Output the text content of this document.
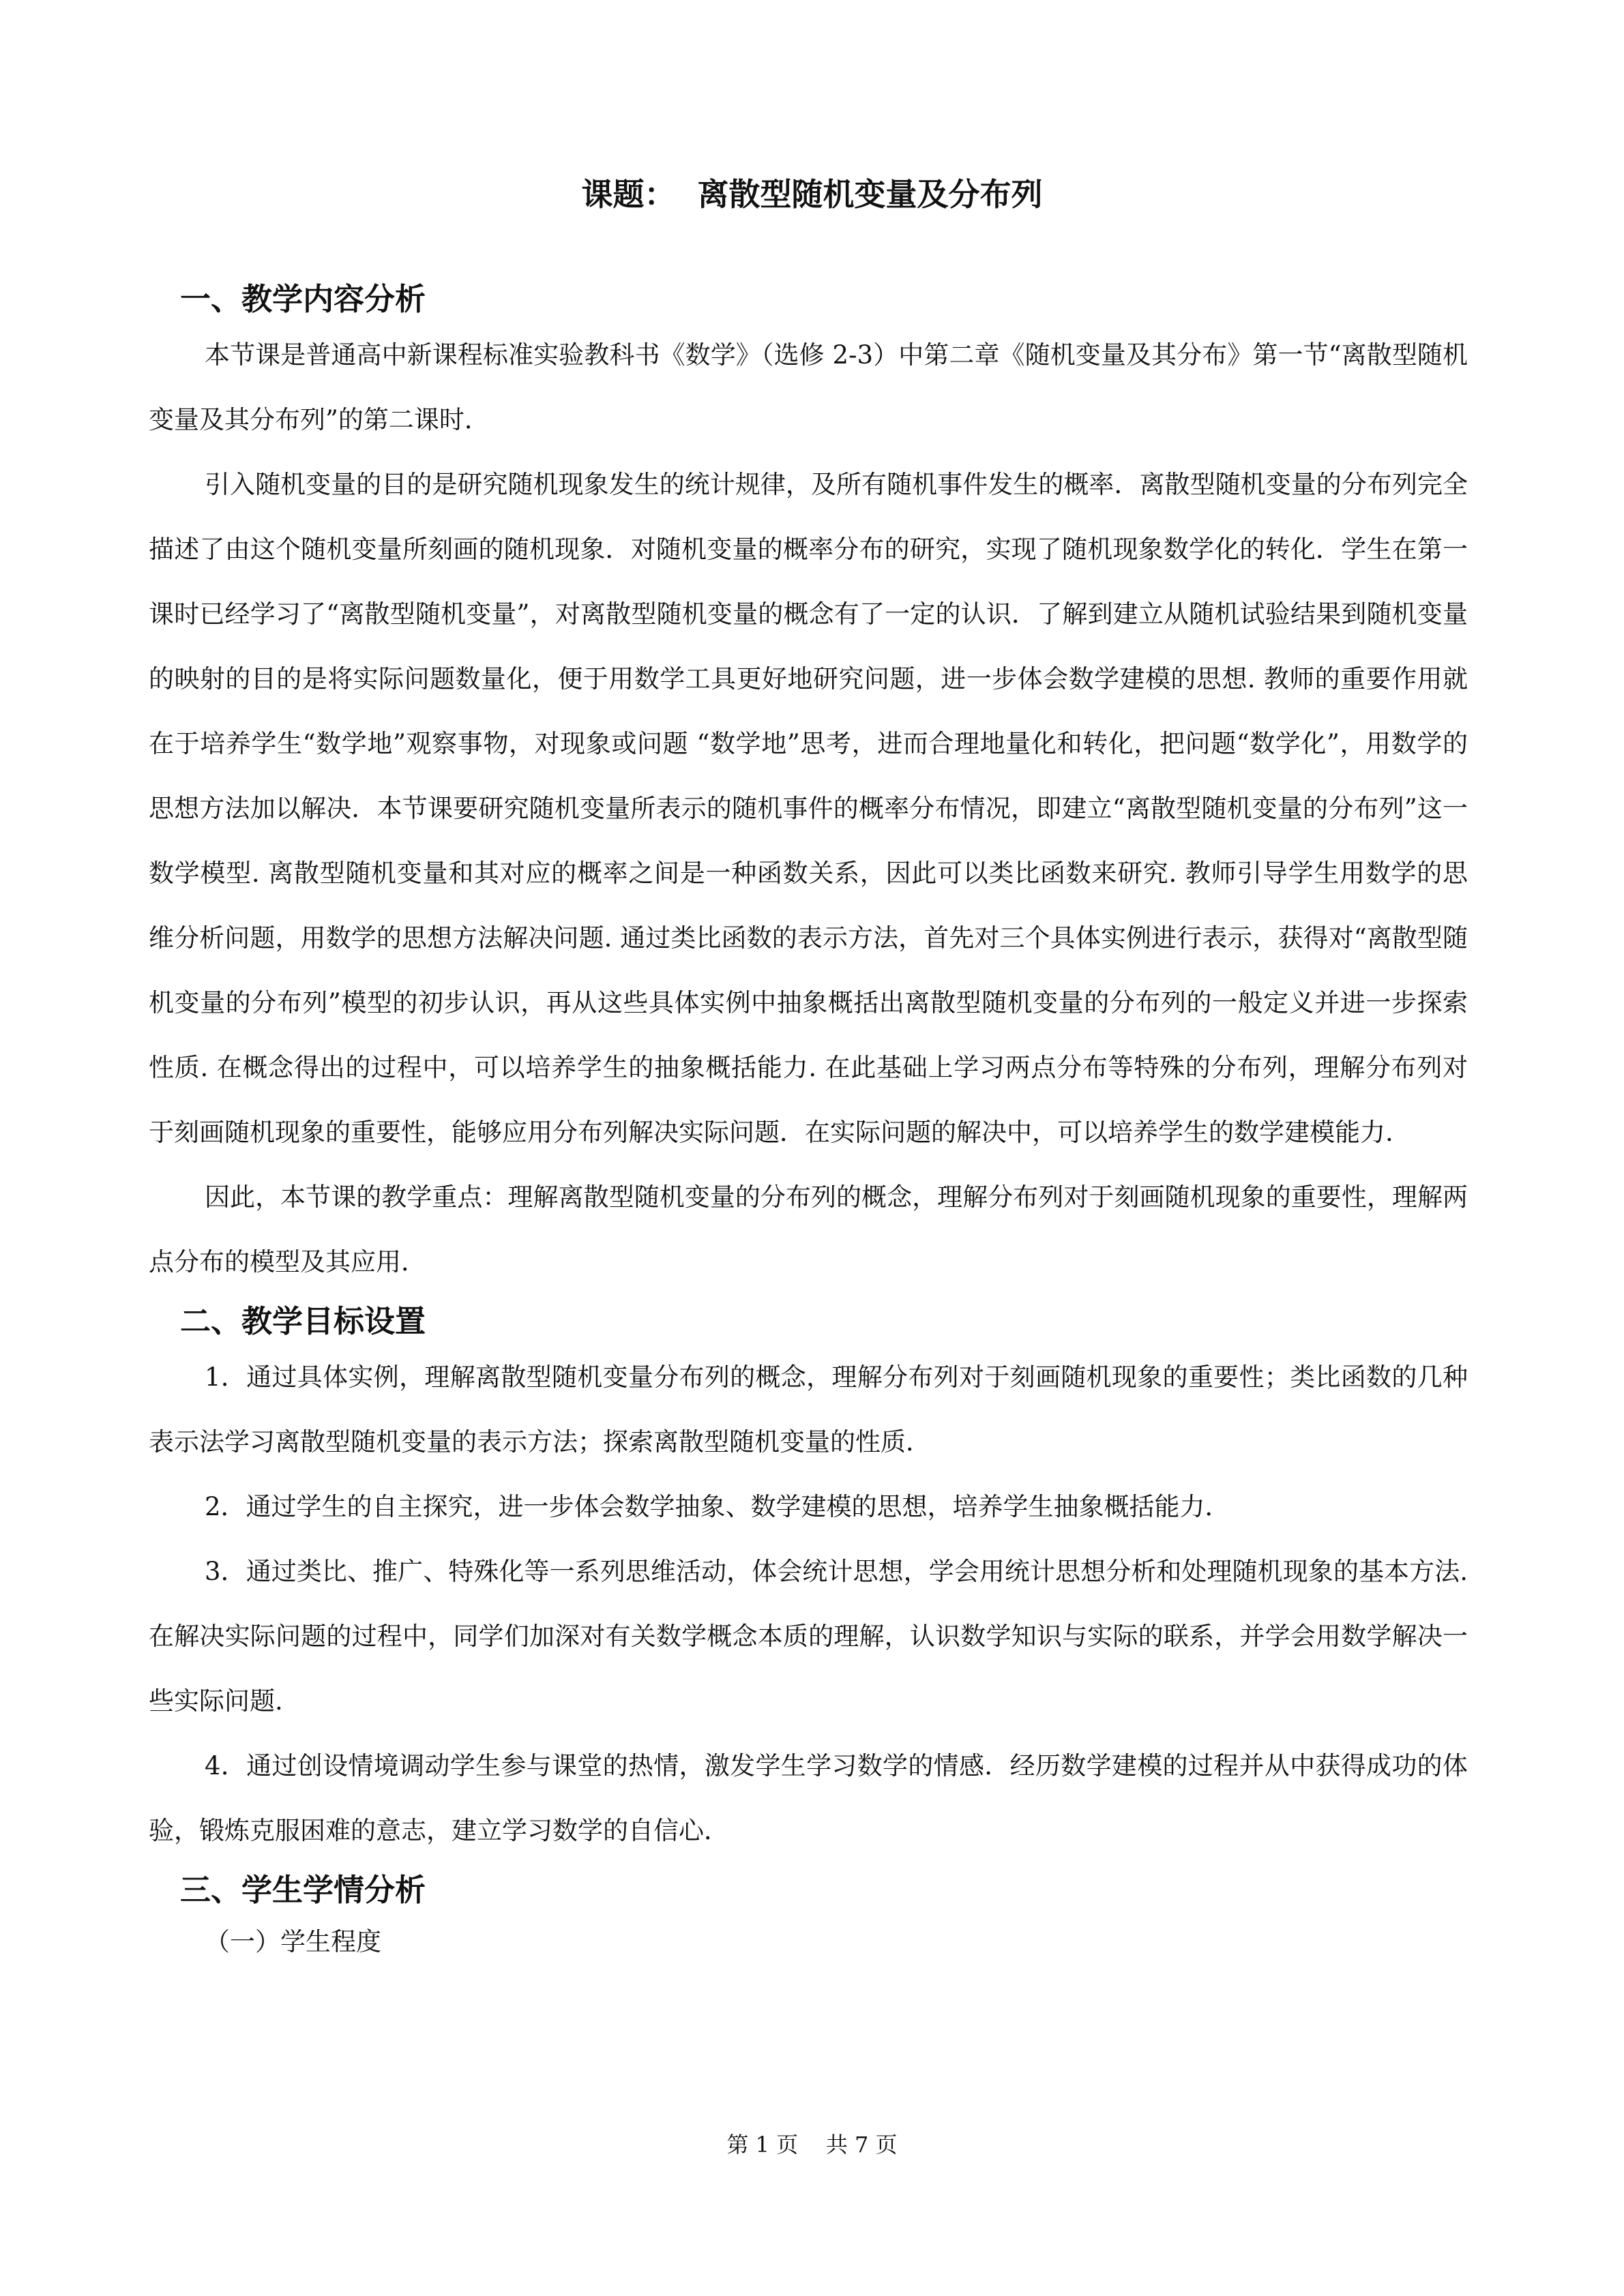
课题：  离散型随机变量及分布列
一、教学内容分析

本节课是普通高中新课程标准实验教科书《数学》（选修 2-3）中第二章《随机变量及其分布》第一节“离散型随机变量及其分布列”的第二课时．

引入随机变量的目的是研究随机现象发生的统计规律，及所有随机事件发生的概率．离散型随机变量的分布列完全描述了由这个随机变量所刻画的随机现象．对随机变量的概率分布的研究，实现了随机现象数学化的转化．学生在第一课时已经学习了“离散型随机变量”，对离散型随机变量的概念有了一定的认识．了解到建立从随机试验结果到随机变量的映射的目的是将实际问题数量化，便于用数学工具更好地研究问题，进一步体会数学建模的思想. 教师的重要作用就在于培养学生“数学地”观察事物，对现象或问题 “数学地”思考，进而合理地量化和转化，把问题“数学化”，用数学的思想方法加以解决．本节课要研究随机变量所表示的随机事件的概率分布情况，即建立“离散型随机变量的分布列”这一数学模型. 离散型随机变量和其对应的概率之间是一种函数关系，因此可以类比函数来研究. 教师引导学生用数学的思维分析问题，用数学的思想方法解决问题. 通过类比函数的表示方法，首先对三个具体实例进行表示，获得对“离散型随机变量的分布列”模型的初步认识，再从这些具体实例中抽象概括出离散型随机变量的分布列的一般定义并进一步探索性质. 在概念得出的过程中，可以培养学生的抽象概括能力. 在此基础上学习两点分布等特殊的分布列，理解分布列对于刻画随机现象的重要性，能够应用分布列解决实际问题．在实际问题的解决中，可以培养学生的数学建模能力.

因此，本节课的教学重点：理解离散型随机变量的分布列的概念，理解分布列对于刻画随机现象的重要性，理解两点分布的模型及其应用．

二、教学目标设置

1．通过具体实例，理解离散型随机变量分布列的概念，理解分布列对于刻画随机现象的重要性；类比函数的几种表示法学习离散型随机变量的表示方法；探索离散型随机变量的性质．

2．通过学生的自主探究，进一步体会数学抽象、数学建模的思想，培养学生抽象概括能力．

3．通过类比、推广、特殊化等一系列思维活动，体会统计思想，学会用统计思想分析和处理随机现象的基本方法. 在解决实际问题的过程中，同学们加深对有关数学概念本质的理解，认识数学知识与实际的联系，并学会用数学解决一些实际问题.

4．通过创设情境调动学生参与课堂的热情，激发学生学习数学的情感．经历数学建模的过程并从中获得成功的体验，锻炼克服困难的意志，建立学习数学的自信心．

三、学生学情分析

（一）学生程度

第 1 页    共 7 页
